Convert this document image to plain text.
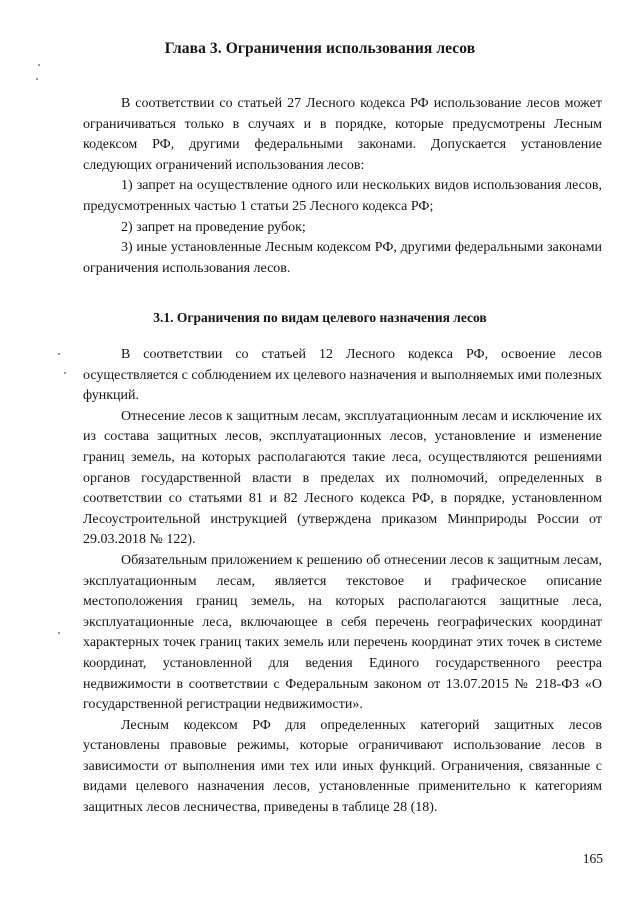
Глава 3. Ограничения использования лесов

В соответствии со статьей 27 Лесного кодекса РФ использование лесов может ограничиваться только в случаях и в порядке, которые предусмотрены Лесным кодексом РФ, другими федеральными законами. Допускается установление следующих ограничений использования лесов:

1) запрет на осуществление одного или нескольких видов использования лесов, предусмотренных частью 1 статьи 25 Лесного кодекса РФ;

2) запрет на проведение рубок;

3) иные установленные Лесным кодексом РФ, другими федеральными законами ограничения использования лесов.

3.1. Ограничения по видам целевого назначения лесов

В соответствии со статьей 12 Лесного кодекса РФ, освоение лесов осуществляется с соблюдением их целевого назначения и выполняемых ими полезных функций.

Отнесение лесов к защитным лесам, эксплуатационным лесам и исключение их из состава защитных лесов, эксплуатационных лесов, установление и изменение границ земель, на которых располагаются такие леса, осуществляются решениями органов государственной власти в пределах их полномочий, определенных в соответствии со статьями 81 и 82 Лесного кодекса РФ, в порядке, установленном Лесоустроительной инструкцией (утверждена приказом Минприроды России от 29.03.2018 № 122).

Обязательным приложением к решению об отнесении лесов к защитным лесам, эксплуатационным лесам, является текстовое и графическое описание местоположения границ земель, на которых располагаются защитные леса, эксплуатационные леса, включающее в себя перечень географических координат характерных точек границ таких земель или перечень координат этих точек в системе координат, установленной для ведения Единого государственного реестра недвижимости в соответствии с Федеральным законом от 13.07.2015 № 218-ФЗ «О государственной регистрации недвижимости».

Лесным кодексом РФ для определенных категорий защитных лесов установлены правовые режимы, которые ограничивают использование лесов в зависимости от выполнения ими тех или иных функций. Ограничения, связанные с видами целевого назначения лесов, установленные применительно к категориям защитных лесов лесничества, приведены в таблице 28 (18).

165
